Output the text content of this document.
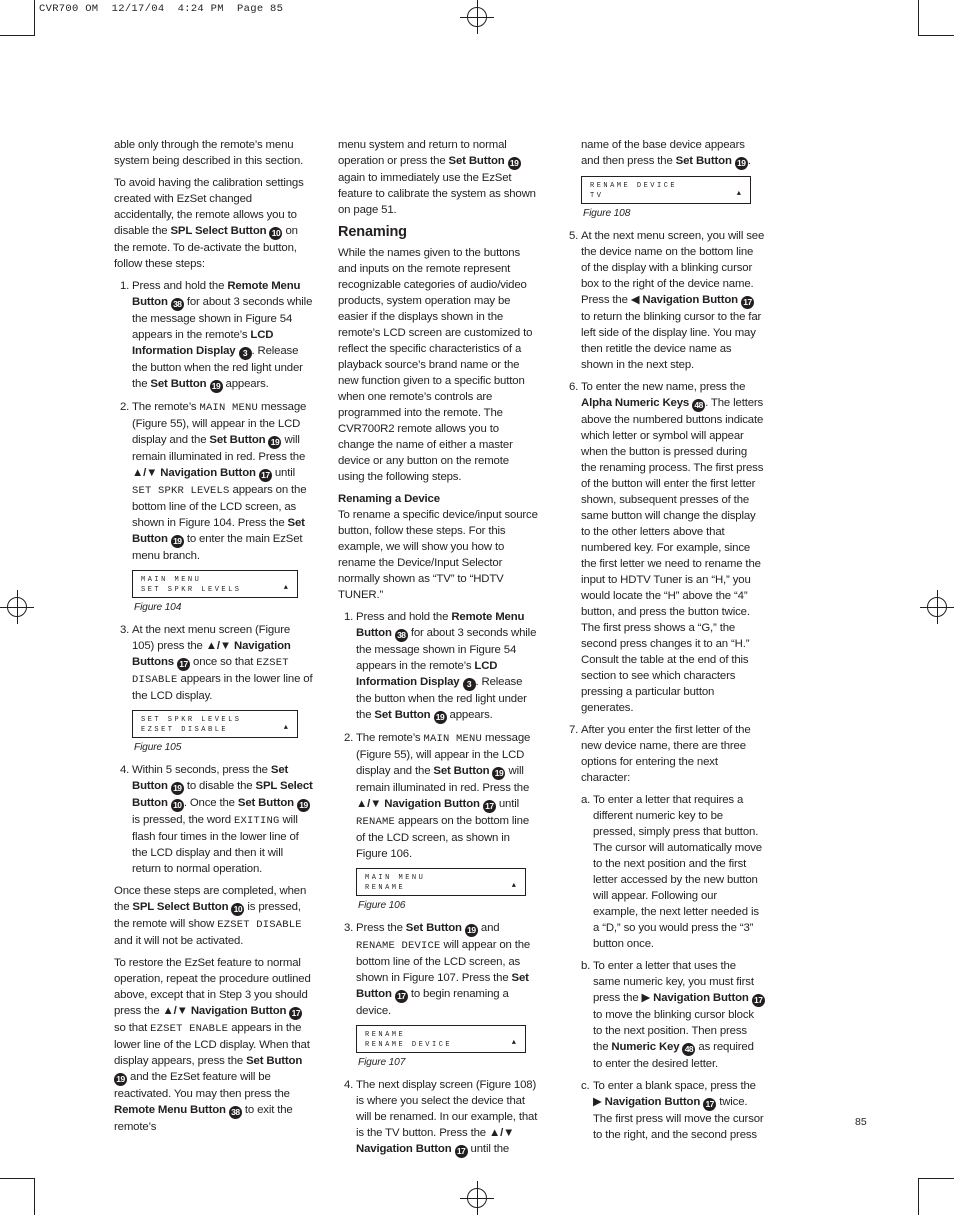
CVR700 OM  12/17/04  4:24 PM  Page 85

able only through the remote’s menu system being described in this section.

To avoid having the calibration settings created with EzSet changed accidentally, the remote allows you to disable the SPL Select Button 10 on the remote. To de-activate the button, follow these steps:

1. Press and hold the Remote Menu Button 38 for about 3 seconds while the message shown in Figure 54 appears in the remote’s LCD Information Display 3 . Release the button when the red light under the Set Button 19 appears.
2. The remote’s MAIN MENU message (Figure 55), will appear in the LCD display and the Set Button 19 will remain illuminated in red. Press the ▲/▼ Navigation Button 17 until SET SPKR LEVELS appears on the bottom line of the LCD screen, as shown in Figure 104. Press the Set Button 19 to enter the main EzSet menu branch.
MAIN MENU
SET SPKR LEVELS	▲
Figure 104
3. At the next menu screen (Figure 105) press the ▲/▼ Navigation Buttons 17 once so that EZSET DISABLE appears in the lower line of the LCD display.
SET SPKR LEVELS
EZSET DISABLE	▲
Figure 105
4. Within 5 seconds, press the Set Button 19 to disable the SPL Select Button 10 . Once the Set Button 19 is pressed, the word EXITING will flash four times in the lower line of the LCD display and then it will return to normal operation.

Once these steps are completed, when the SPL Select Button 10 is pressed, the remote will show EZSET DISABLE and it will not be activated.

To restore the EzSet feature to normal operation, repeat the procedure outlined above, except that in Step 3 you should press the ▲/▼ Navigation Button 17 so that EZSET ENABLE appears in the lower line of the LCD display. When that display appears, press the Set Button 19 and the EzSet feature will be reactivated. You may then press the Remote Menu Button 38 to exit the remote’s

menu system and return to normal operation or press the Set Button 19 again to immediately use the EzSet feature to calibrate the system as shown on page 51.

Renaming

While the names given to the buttons and inputs on the remote represent recognizable categories of audio/video products, system operation may be easier if the displays shown in the remote’s LCD screen are customized to reflect the specific characteristics of a playback source’s brand name or the new function given to a specific button when one remote’s controls are programmed into the remote. The CVR700R2 remote allows you to change the name of either a master device or any button on the remote using the following steps.

Renaming a Device

To rename a specific device/input source button, follow these steps. For this example, we will show you how to rename the Device/Input Selector normally shown as “TV” to “HDTV TUNER.”

1. Press and hold the Remote Menu Button 38 for about 3 seconds while the message shown in Figure 54 appears in the remote’s LCD Information Display 3 . Release the button when the red light under the Set Button 19 appears.
2. The remote’s MAIN MENU message (Figure 55), will appear in the LCD display and the Set Button 19 will remain illuminated in red. Press the ▲/▼ Navigation Button 17 until RENAME appears on the bottom line of the LCD screen, as shown in Figure 106.
MAIN MENU
RENAME	▲
Figure 106
3. Press the Set Button 19 and RENAME DEVICE will appear on the bottom line of the LCD screen, as shown in Figure 107. Press the Set Button 17 to begin renaming a device.
RENAME
RENAME DEVICE	▲
Figure 107
4. The next display screen (Figure 108) is where you select the device that will be renamed. In our example, that is the TV button. Press the ▲/▼ Navigation Button 17 until the

name of the base device appears and then press the Set Button 19 .

RENAME DEVICE
TV	▲
Figure 108
5. At the next menu screen, you will see the device name on the bottom line of the display with a blinking cursor box to the right of the device name. Press the ◀ Navigation Button 17 to return the blinking cursor to the far left side of the display line. You may then retitle the device name as shown in the next step.
6. To enter the new name, press the Alpha Numeric Keys 48 . The letters above the numbered buttons indicate which letter or symbol will appear when the button is pressed during the renaming process. The first press of the button will enter the first letter shown, subsequent presses of the same button will change the display to the other letters above that numbered key. For example, since the first letter we need to rename the input to HDTV Tuner is an “H,” you would locate the “H” above the “4” button, and press the button twice. The first press shows a “G,” the second press changes it to an “H.” Consult the table at the end of this section to see which characters pressing a particular button generates.
7. After you enter the first letter of the new device name, there are three options for entering the next character:
a. To enter a letter that requires a different numeric key to be pressed, simply press that button. The cursor will automatically move to the next position and the first letter accessed by the new button will appear. Following our example, the next letter needed is a “D,” so you would press the “3” button once.
b. To enter a letter that uses the same numeric key, you must first press the ▶ Navigation Button 17 to move the blinking cursor block to the next position. Then press the Numeric Key 48 as required to enter the desired letter.
c. To enter a blank space, press the ▶ Navigation Button 17 twice. The first press will move the cursor to the right, and the second press
85
